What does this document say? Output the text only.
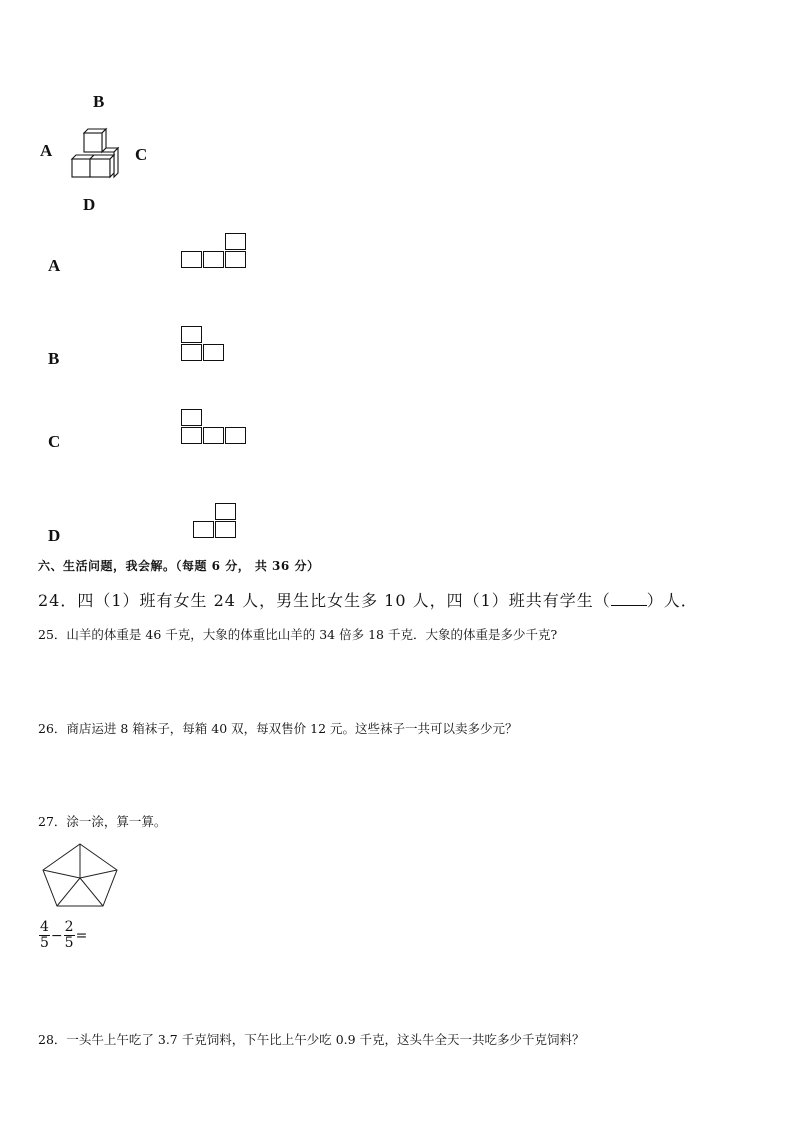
B
A	C
D
A
B
C
D
六、生活问题，我会解。（每题 6 分， 共 36 分）
24．四（1）班有女生 24 人，男生比女生多 10 人，四（1）班共有学生（ ）人．
25．山羊的体重是 46 千克，大象的体重比山羊的 34 倍多 18 千克．大象的体重是多少千克?
26．商店运进 8 箱袜子，每箱 40 双，每双售价 12 元。这些袜子一共可以卖多少元？
27．涂一涂，算一算。
$\frac{4}{5} - \frac{2}{5}$ =
28．一头牛上午吃了 3.7 千克饲料，下午比上午少吃 0.9 千克，这头牛全天一共吃多少千克饲料？
